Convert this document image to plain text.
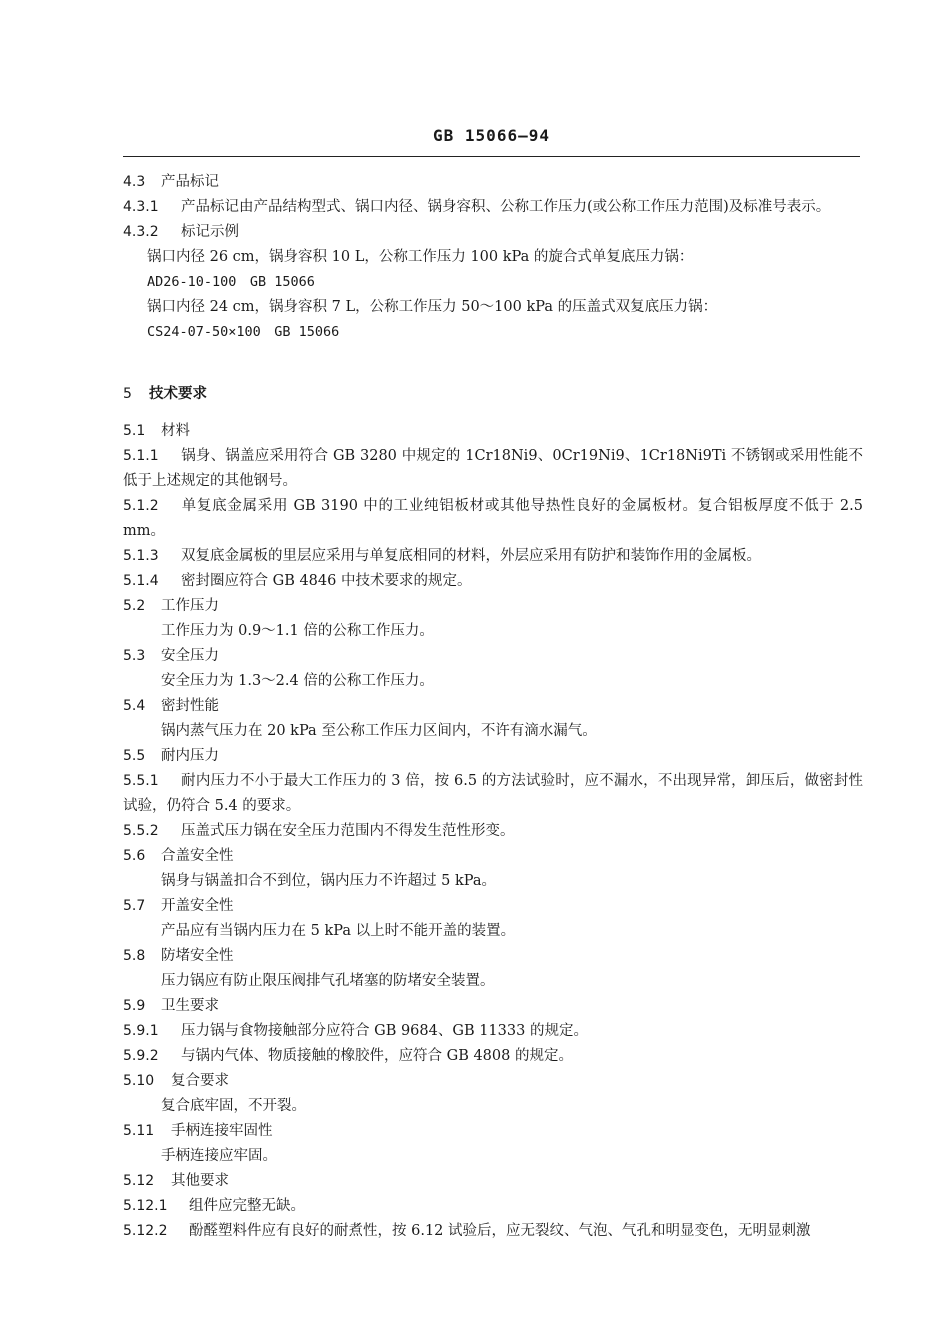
GB 15066—94
4.3 产品标记
4.3.1 产品标记由产品结构型式、锅口内径、锅身容积、公称工作压力(或公称工作压力范围)及标准号表示。
4.3.2 标记示例
锅口内径 26 cm，锅身容积 10 L，公称工作压力 100 kPa 的旋合式单复底压力锅：
AD26-10-100　GB 15066
锅口内径 24 cm，锅身容积 7 L，公称工作压力 50～100 kPa 的压盖式双复底压力锅：
CS24-07-50×100　GB 15066
5 技术要求
5.1 材料
5.1.1 锅身、锅盖应采用符合 GB 3280 中规定的 1Cr18Ni9、0Cr19Ni9、1Cr18Ni9Ti 不锈钢或采用性能不低于上述规定的其他钢号。
5.1.2 单复底金属采用 GB 3190 中的工业纯铝板材或其他导热性良好的金属板材。复合铝板厚度不低于 2.5 mm。
5.1.3 双复底金属板的里层应采用与单复底相同的材料，外层应采用有防护和装饰作用的金属板。
5.1.4 密封圈应符合 GB 4846 中技术要求的规定。
5.2 工作压力
工作压力为 0.9～1.1 倍的公称工作压力。
5.3 安全压力
安全压力为 1.3～2.4 倍的公称工作压力。
5.4 密封性能
锅内蒸气压力在 20 kPa 至公称工作压力区间内，不许有滴水漏气。
5.5 耐内压力
5.5.1 耐内压力不小于最大工作压力的 3 倍，按 6.5 的方法试验时，应不漏水，不出现异常，卸压后，做密封性试验，仍符合 5.4 的要求。
5.5.2 压盖式压力锅在安全压力范围内不得发生范性形变。
5.6 合盖安全性
锅身与锅盖扣合不到位，锅内压力不许超过 5 kPa。
5.7 开盖安全性
产品应有当锅内压力在 5 kPa 以上时不能开盖的装置。
5.8 防堵安全性
压力锅应有防止限压阀排气孔堵塞的防堵安全装置。
5.9 卫生要求
5.9.1 压力锅与食物接触部分应符合 GB 9684、GB 11333 的规定。
5.9.2 与锅内气体、物质接触的橡胶件，应符合 GB 4808 的规定。
5.10 复合要求
复合底牢固，不开裂。
5.11 手柄连接牢固性
手柄连接应牢固。
5.12 其他要求
5.12.1 组件应完整无缺。
5.12.2 酚醛塑料件应有良好的耐煮性，按 6.12 试验后，应无裂纹、气泡、气孔和明显变色，无明显刺激
